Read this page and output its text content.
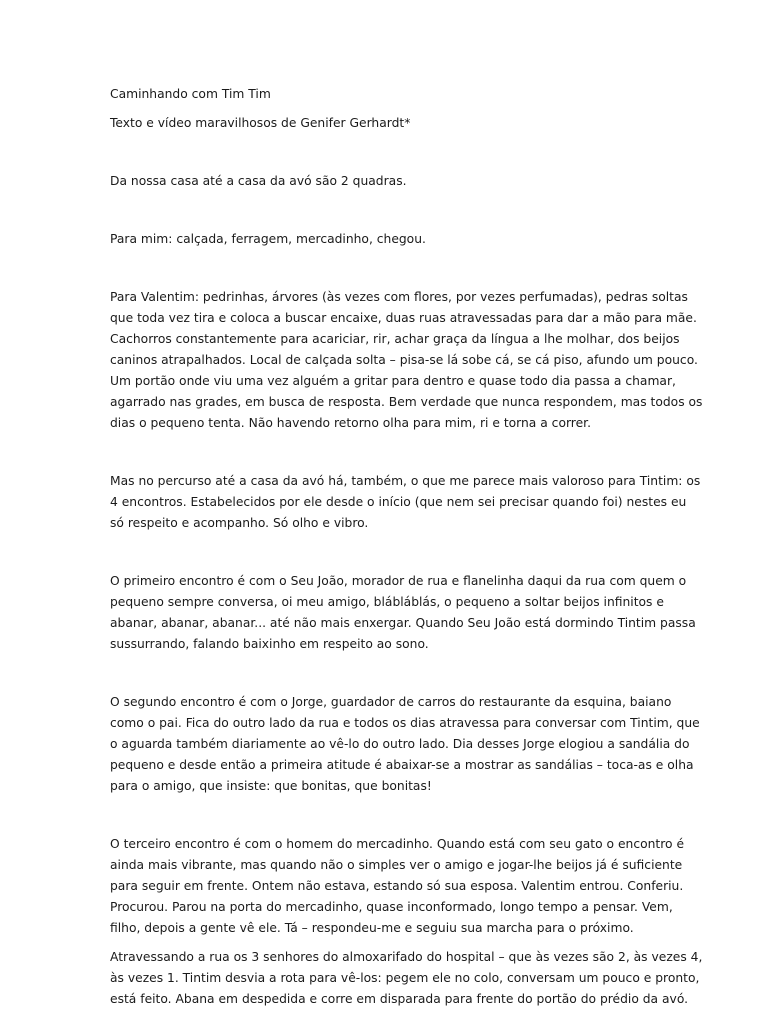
Caminhando com Tim Tim

Texto e vídeo maravilhosos de Genifer Gerhardt*

Da nossa casa até a casa da avó são 2 quadras.

Para mim: calçada, ferragem, mercadinho, chegou.

Para Valentim: pedrinhas, árvores (às vezes com flores, por vezes perfumadas), pedras soltas
que toda vez tira e coloca a buscar encaixe, duas ruas atravessadas para dar a mão para mãe.
Cachorros constantemente para acariciar, rir, achar graça da língua a lhe molhar, dos beijos
caninos atrapalhados. Local de calçada solta – pisa-se lá sobe cá, se cá piso, afundo um pouco.
Um portão onde viu uma vez alguém a gritar para dentro e quase todo dia passa a chamar,
agarrado nas grades, em busca de resposta. Bem verdade que nunca respondem, mas todos os
dias o pequeno tenta. Não havendo retorno olha para mim, ri e torna a correr.

Mas no percurso até a casa da avó há, também, o que me parece mais valoroso para Tintim: os
4 encontros. Estabelecidos por ele desde o início (que nem sei precisar quando foi) nestes eu
só respeito e acompanho. Só olho e vibro.

O primeiro encontro é com o Seu João, morador de rua e flanelinha daqui da rua com quem o
pequeno sempre conversa, oi meu amigo, blábláblás, o pequeno a soltar beijos infinitos e
abanar, abanar, abanar... até não mais enxergar. Quando Seu João está dormindo Tintim passa
sussurrando, falando baixinho em respeito ao sono.

O segundo encontro é com o Jorge, guardador de carros do restaurante da esquina, baiano
como o pai. Fica do outro lado da rua e todos os dias atravessa para conversar com Tintim, que
o aguarda também diariamente ao vê-lo do outro lado. Dia desses Jorge elogiou a sandália do
pequeno e desde então a primeira atitude é abaixar-se a mostrar as sandálias – toca-as e olha
para o amigo, que insiste: que bonitas, que bonitas!

O terceiro encontro é com o homem do mercadinho. Quando está com seu gato o encontro é
ainda mais vibrante, mas quando não o simples ver o amigo e jogar-lhe beijos já é suficiente
para seguir em frente. Ontem não estava, estando só sua esposa. Valentim entrou. Conferiu.
Procurou. Parou na porta do mercadinho, quase inconformado, longo tempo a pensar. Vem,
filho, depois a gente vê ele. Tá – respondeu-me e seguiu sua marcha para o próximo.

Atravessando a rua os 3 senhores do almoxarifado do hospital – que às vezes são 2, às vezes 4,
às vezes 1. Tintim desvia a rota para vê-los: pegem ele no colo, conversam um pouco e pronto,
está feito. Abana em despedida e corre em disparada para frente do portão do prédio da avó.
